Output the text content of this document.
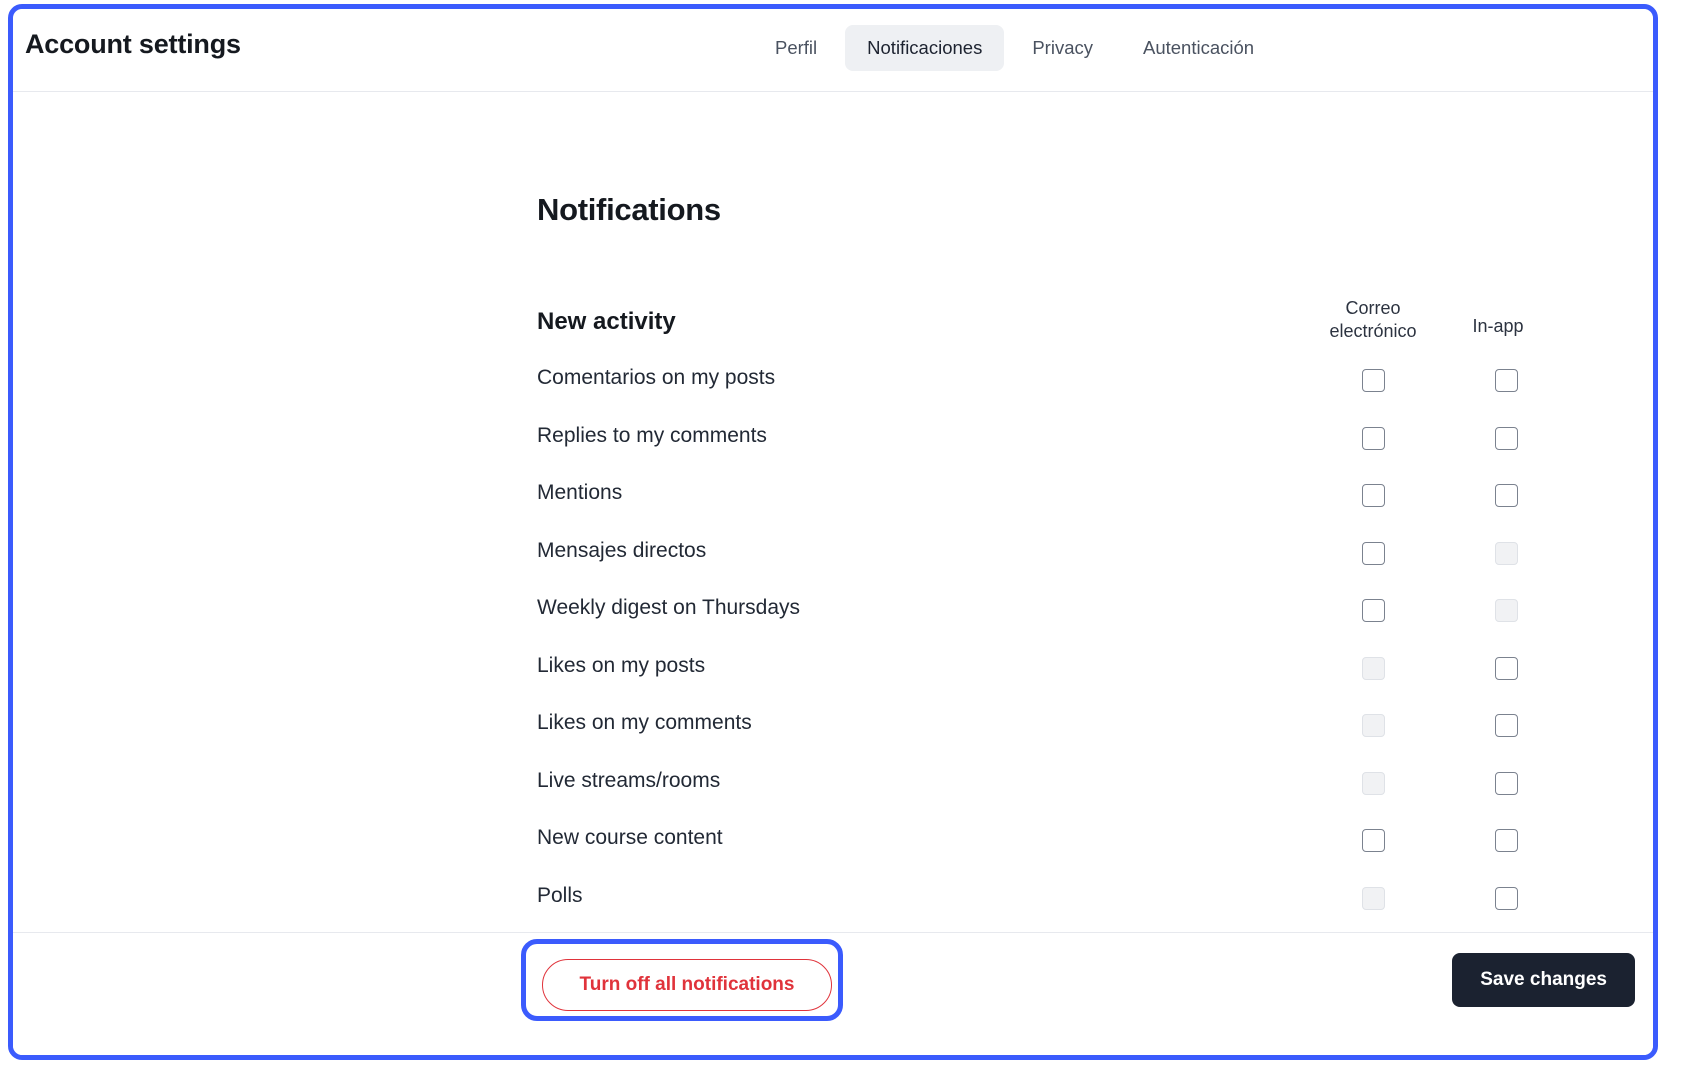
Account settings	Perfil	Notificaciones	Privacy	Autenticación
Notifications
New activity	Correo electrónico	In-app
Comentarios on my posts
Replies to my comments
Mentions
Mensajes directos
Weekly digest on Thursdays
Likes on my posts
Likes on my comments
Live streams/rooms
New course content
Polls
Turn off all notifications	Save changes
